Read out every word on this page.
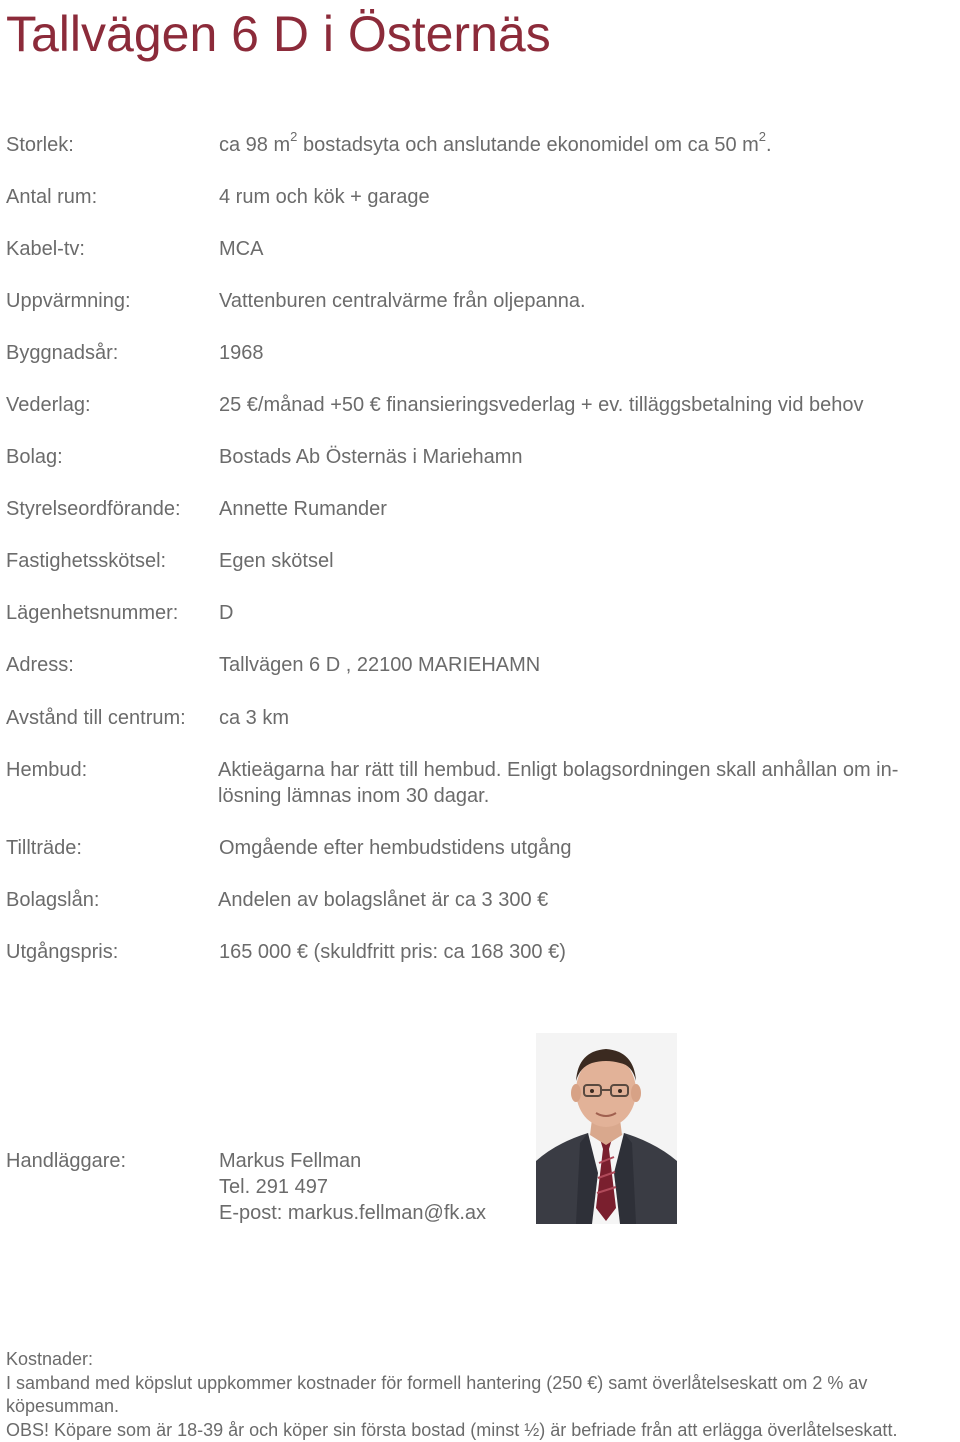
Tallvägen 6 D i Östernäs
Storlek:	ca 98 $m^2$ bostadsyta och anslutande ekonomidel om ca 50 $m^2$.
Antal rum:	4 rum och kök + garage
Kabel-tv:	MCA
Uppvärmning:	Vattenburen centralvärme från oljepanna.
Byggnadsår:	1968
Vederlag:	25 €/månad +50 € finansieringsvederlag + ev. tilläggsbetalning vid behov
Bolag:	Bostads Ab Östernäs i Mariehamn
Styrelseordförande: Annette Rumander
Fastighetsskötsel:	Egen skötsel
Lägenhetsnummer: D
Adress:	Tallvägen 6 D , 22100 MARIEHAMN
Avstånd till centrum: ca 3 km
Hembud:	Aktieägarna har rätt till hembud. Enligt bolagsordningen skall anhållan om in-
lösning lämnas inom 30 dagar.
Tillträde:	Omgående efter hembudstidens utgång
Bolagslån:	Andelen av bolagslånet är ca 3 300 €
Utgångspris:	165 000 € (skuldfritt pris: ca 168 300 €)
Handläggare:	Markus Fellman
Tel. 291 497
E-post: markus.fellman@fk.ax
Kostnader:
I samband med köpslut uppkommer kostnader för formell hantering (250 €) samt överlåtelseskatt om 2 % av
köpesumman.
OBS! Köpare som är 18-39 år och köper sin första bostad (minst ½) är befriade från att erlägga överlåtelseskatt.
